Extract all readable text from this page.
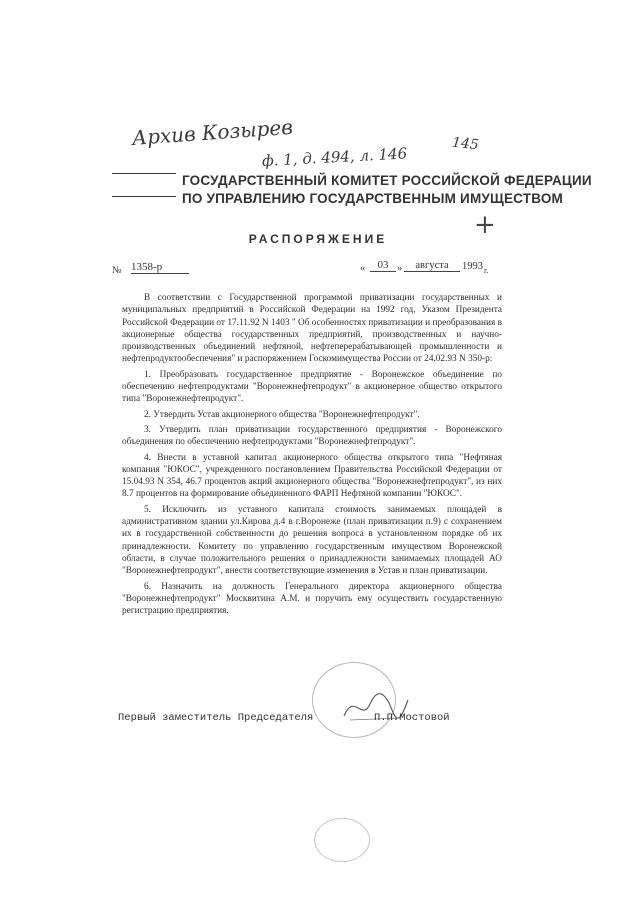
Архив Козырев
ф. 1, д. 494, л. 146
145
+
ГОСУДАРСТВЕННЫЙ КОМИТЕТ РОССИЙСКОЙ ФЕДЕРАЦИИ
ПО УПРАВЛЕНИЮ ГОСУДАРСТВЕННЫМ ИМУЩЕСТВОМ
РАСПОРЯЖЕНИЕ
№ 1358-р	«	03 »	августа	1993 г.

В соответствии с Государственной программой приватизации государственных и муниципальных предприятий в Российской Федерации на 1992 год, Указом Президента Российской Федерации от 17.11.92 N 1403 " Об особенностях приватизации и преобразования в акционерные общества государственных предприятий, производственных и научно-производственных объединений нефтяной, нефтеперерабатывающей промышленности и нефтепродуктообеспечения" и распоряжением Госкомимущества России от 24.02.93 N 350-р:

1. Преобразовать государственное предприятие - Воронежское объединение по обеспечению нефтепродуктами "Воронежнефтепродукт" в акционерное общество открытого типа "Воронежнефтепродукт".

2. Утвердить Устав акционерного общества "Воронежнефтепродукт".

3. Утвердить план приватизации государственного предприятия - Воронежского объединения по обеспечению нефтепродуктами "Воронежнефтепродукт".

4. Внести в уставной капитал акционерного общества открытого типа "Нефтяная компания "ЮКОС", учрежденного постановлением Правительства Российской Федерации от 15.04.93 N 354, 46.7 процентов акций акционерного общества "Воронежнефтепродукт", из них 8.7 процентов на формирование объединенного ФАРП Нефтяной компании "ЮКОС".

5. Исключить из уставного капитала стоимость занимаемых площадей в административном здании ул.Кирова д.4 в г.Воронеже (план приватизации п.9) с сохранением их в государственной собственности до решения вопроса в установленном порядке об их принадлежности. Комитету по управлению государственным имуществом Воронежской области, в случае положительного решения о принадлежности занимаемых площадей АО "Воронежнефтепродукт", внести соответствующие изменения в Устав и план приватизации.

6. Назначить на должность Генерального директора акционерного общества "Воронежнефтепродукт" Москвитина А.М. и поручить ему осуществить государственную регистрацию предприятия.

Первый заместитель Председателя	П.П.Мостовой
